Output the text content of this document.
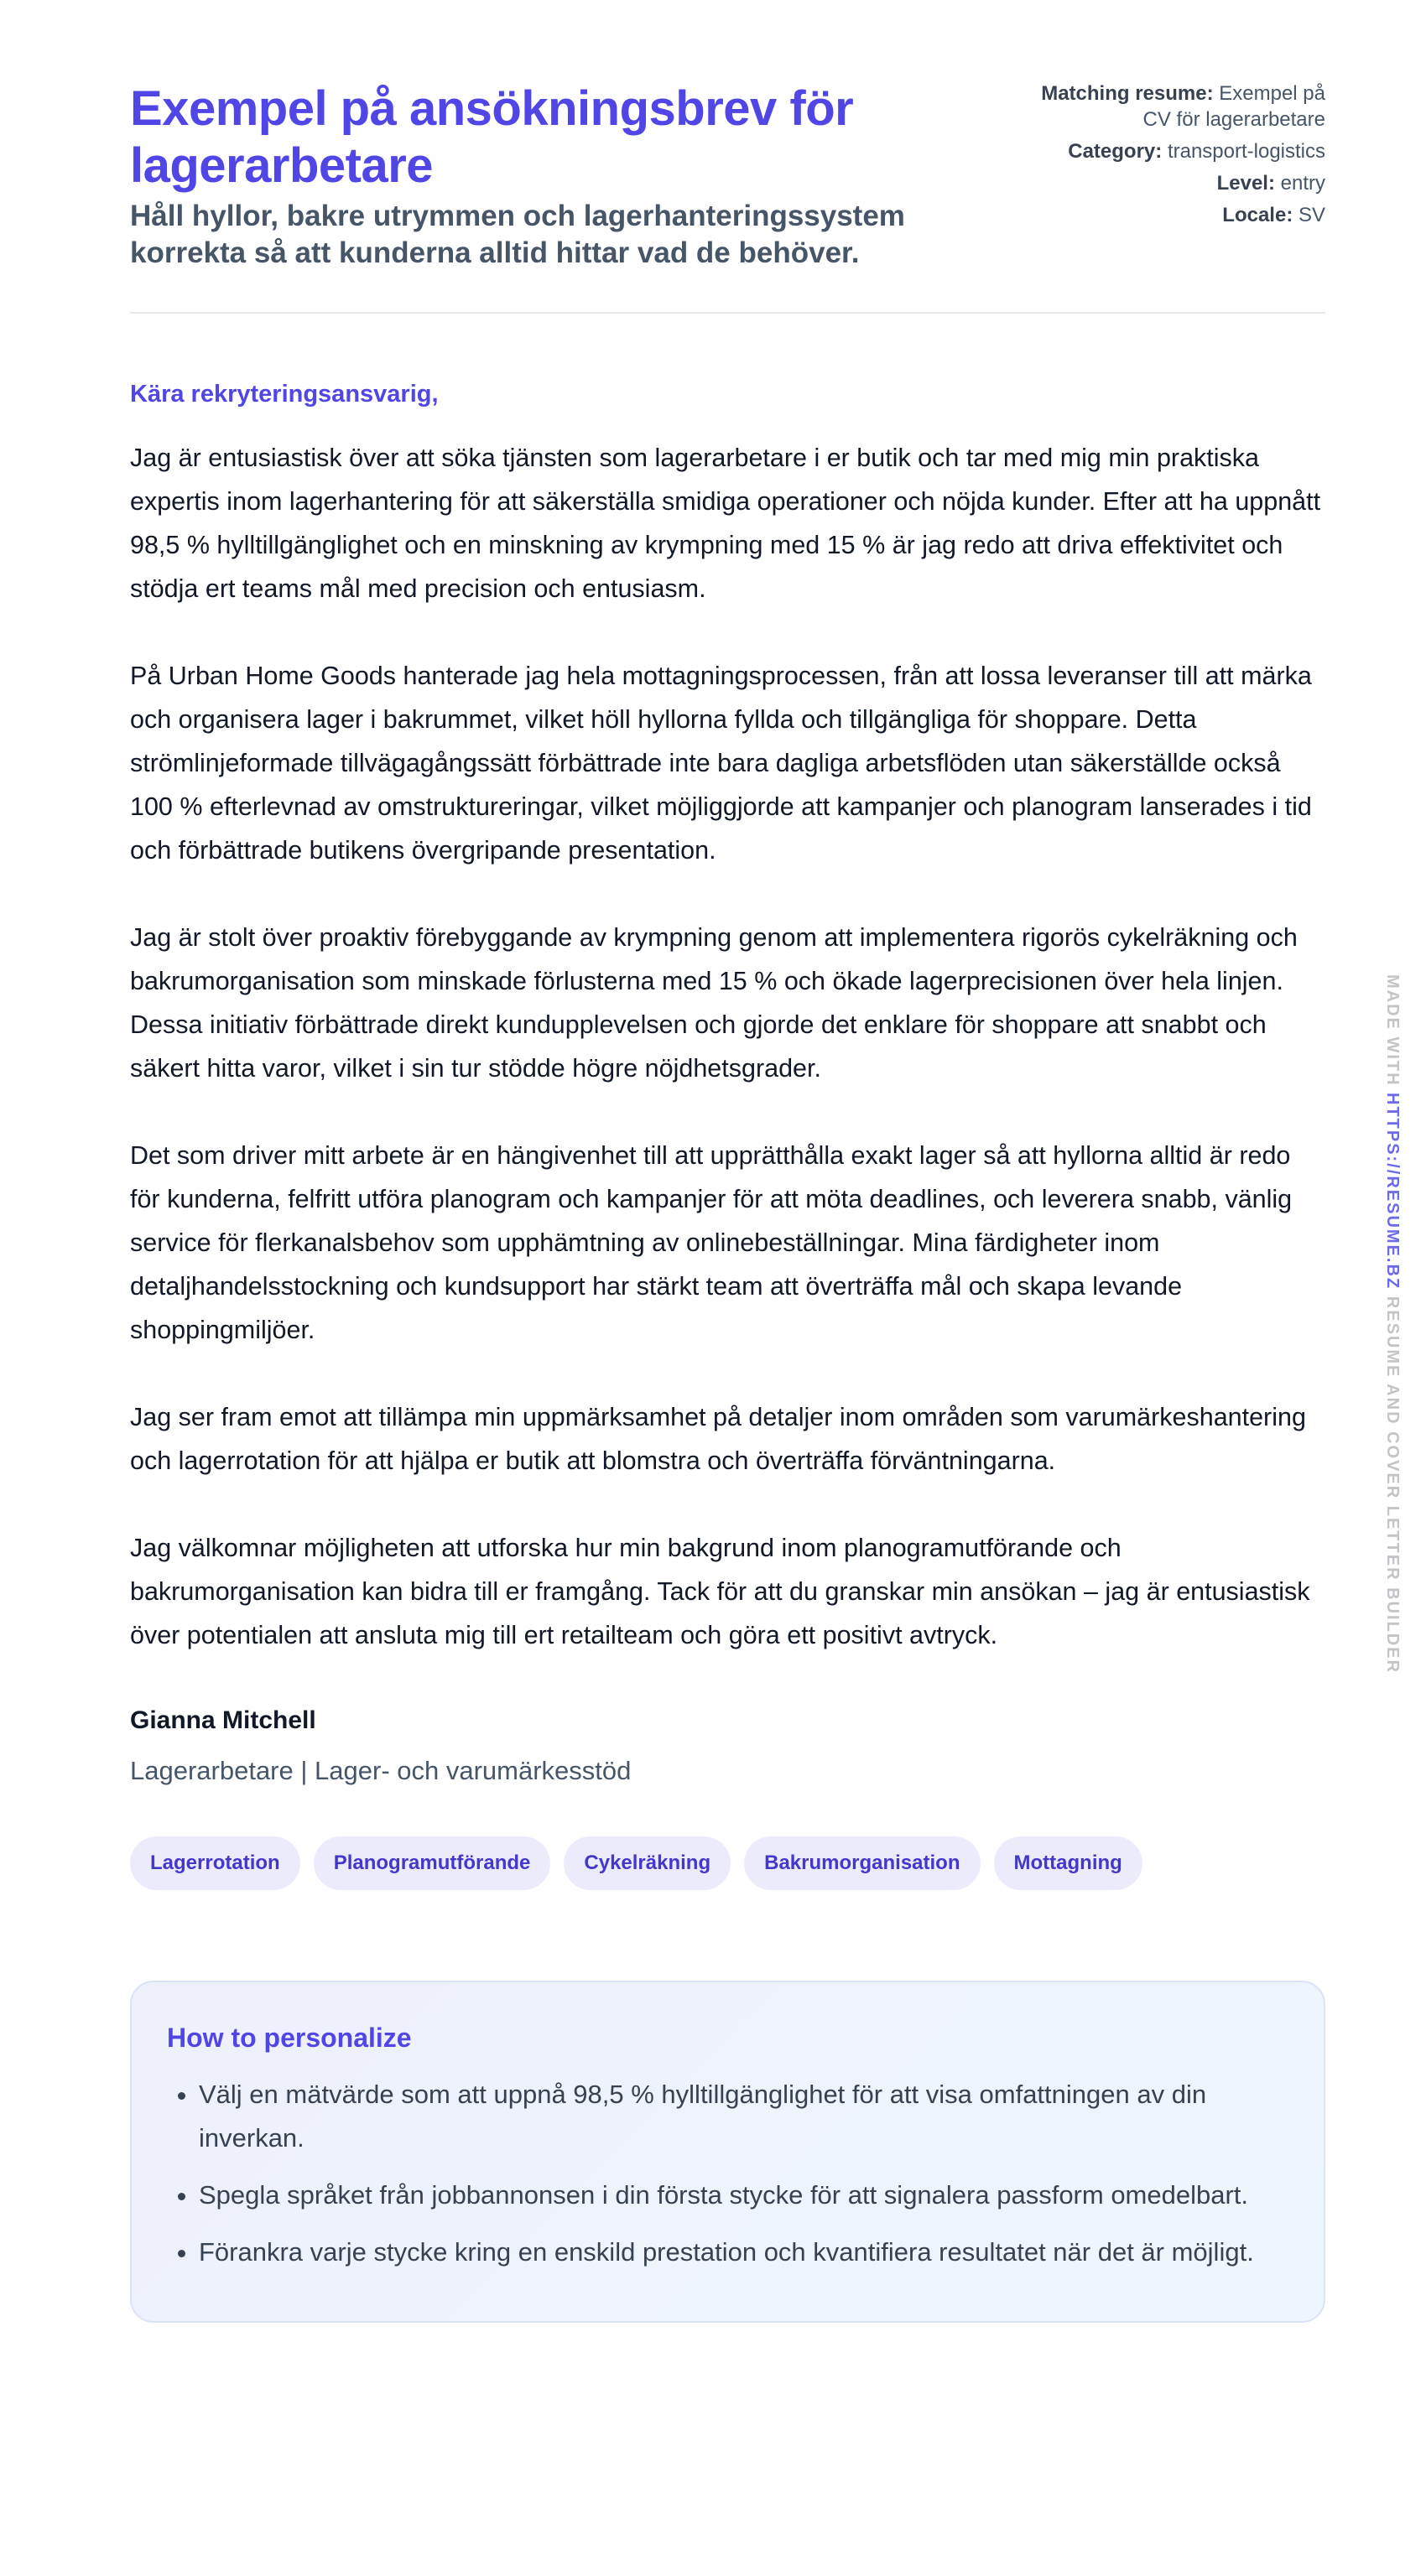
Exempel på ansökningsbrev för lagerarbetare

Håll hyllor, bakre utrymmen och lagerhanteringssystem korrekta så att kunderna alltid hittar vad de behöver.

Matching resume: Exempel på CV för lagerarbetare
Category: transport-logistics
Level: entry
Locale: SV
Kära rekryteringsansvarig,

Jag är entusiastisk över att söka tjänsten som lagerarbetare i er butik och tar med mig min praktiska expertis inom lagerhantering för att säkerställa smidiga operationer och nöjda kunder. Efter att ha uppnått 98,5 % hylltillgänglighet och en minskning av krympning med 15 % är jag redo att driva effektivitet och stödja ert teams mål med precision och entusiasm.

På Urban Home Goods hanterade jag hela mottagningsprocessen, från att lossa leveranser till att märka och organisera lager i bakrummet, vilket höll hyllorna fyllda och tillgängliga för shoppare. Detta strömlinjeformade tillvägagångssätt förbättrade inte bara dagliga arbetsflöden utan säkerställde också 100 % efterlevnad av omstruktureringar, vilket möjliggjorde att kampanjer och planogram lanserades i tid och förbättrade butikens övergripande presentation.

Jag är stolt över proaktiv förebyggande av krympning genom att implementera rigorös cykelräkning och bakrumorganisation som minskade förlusterna med 15 % och ökade lagerprecisionen över hela linjen. Dessa initiativ förbättrade direkt kundupplevelsen och gjorde det enklare för shoppare att snabbt och säkert hitta varor, vilket i sin tur stödde högre nöjdhetsgrader.

Det som driver mitt arbete är en hängivenhet till att upprätthålla exakt lager så att hyllorna alltid är redo för kunderna, felfritt utföra planogram och kampanjer för att möta deadlines, och leverera snabb, vänlig service för flerkanalsbehov som upphämtning av onlinebeställningar. Mina färdigheter inom detaljhandelsstockning och kundsupport har stärkt team att överträffa mål och skapa levande shoppingmiljöer.

Jag ser fram emot att tillämpa min uppmärksamhet på detaljer inom områden som varumärkeshantering och lagerrotation för att hjälpa er butik att blomstra och överträffa förväntningarna.

Jag välkomnar möjligheten att utforska hur min bakgrund inom planogramutförande och bakrumorganisation kan bidra till er framgång. Tack för att du granskar min ansökan – jag är entusiastisk över potentialen att ansluta mig till ert retailteam och göra ett positivt avtryck.

Gianna Mitchell
Lagerarbetare | Lager- och varumärkesstöd
Lagerrotation	Planogramutförande	Cykelräkning	Bakrumorganisation	Mottagning
How to personalize
• Välj en mätvärde som att uppnå 98,5 % hylltillgänglighet för att visa omfattningen av din inverkan.
• Spegla språket från jobbannonsen i din första stycke för att signalera passform omedelbart.
• Förankra varje stycke kring en enskild prestation och kvantifiera resultatet när det är möjligt.
MADE WITH HTTPS://RESUME.BZ RESUME AND COVER LETTER BUILDER
